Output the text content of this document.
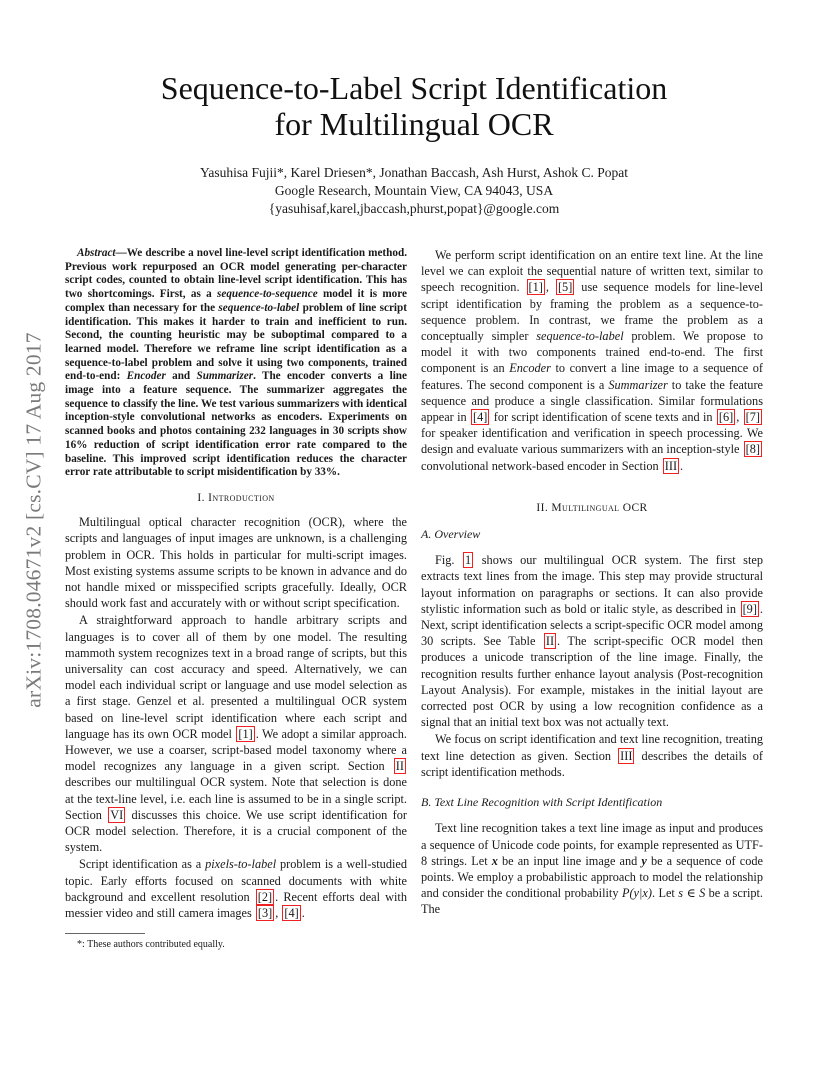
arXiv:1708.04671v2 [cs.CV] 17 Aug 2017
Sequence-to-Label Script Identification
for Multilingual OCR
Yasuhisa Fujii*, Karel Driesen*, Jonathan Baccash, Ash Hurst, Ashok C. Popat
Google Research, Mountain View, CA 94043, USA
{yasuhisaf,karel,jbaccash,phurst,popat}@google.com

Abstract—We describe a novel line-level script identification method. Previous work repurposed an OCR model generating per-character script codes, counted to obtain line-level script identification. This has two shortcomings. First, as a sequence-to-sequence model it is more complex than necessary for the sequence-to-label problem of line script identification. This makes it harder to train and inefficient to run. Second, the counting heuristic may be suboptimal compared to a learned model. Therefore we reframe line script identification as a sequence-to-label problem and solve it using two components, trained end-to-end: Encoder and Summarizer. The encoder converts a line image into a feature sequence. The summarizer aggregates the sequence to classify the line. We test various summarizers with identical inception-style convolutional networks as encoders. Experiments on scanned books and photos containing 232 languages in 30 scripts show 16% reduction of script identification error rate compared to the baseline. This improved script identification reduces the character error rate attributable to script misidentification by 33%.

I. Introduction

Multilingual optical character recognition (OCR), where the scripts and languages of input images are unknown, is a challenging problem in OCR. This holds in particular for multi-script images. Most existing systems assume scripts to be known in advance and do not handle mixed or misspecified scripts gracefully. Ideally, OCR should work fast and accurately with or without script specification.

A straightforward approach to handle arbitrary scripts and languages is to cover all of them by one model. The resulting mammoth system recognizes text in a broad range of scripts, but this universality can cost accuracy and speed. Alternatively, we can model each individual script or language and use model selection as a first stage. Genzel et al. presented a multilingual OCR system based on line-level script identification where each script and language has its own OCR model [1] . We adopt a similar approach. However, we use a coarser, script-based model taxonomy where a model recognizes any language in a given script. Section II describes our multilingual OCR system. Note that selection is done at the text-line level, i.e. each line is assumed to be in a single script. Section VI discusses this choice. We use script identification for OCR model selection. Therefore, it is a crucial component of the system.

Script identification as a pixels-to-label problem is a well-studied topic. Early efforts focused on scanned documents with white background and excellent resolution [2] . Recent efforts deal with messier video and still camera images [3] , [4] .

*: These authors contributed equally.

We perform script identification on an entire text line. At the line level we can exploit the sequential nature of written text, similar to speech recognition. [1] , [5] use sequence models for line-level script identification by framing the problem as a sequence-to-sequence problem. In contrast, we frame the problem as a conceptually simpler sequence-to-label problem. We propose to model it with two components trained end-to-end. The first component is an Encoder to convert a line image to a sequence of features. The second component is a Summarizer to take the feature sequence and produce a single classification. Similar formulations appear in [4] for script identification of scene texts and in [6] , [7] for speaker identification and verification in speech processing. We design and evaluate various summarizers with an inception-style [8] convolutional network-based encoder in Section III .

II. Multilingual OCR
A. Overview

Fig. 1 shows our multilingual OCR system. The first step extracts text lines from the image. This step may provide structural layout information on paragraphs or sections. It can also provide stylistic information such as bold or italic style, as described in [9] . Next, script identification selects a script-specific OCR model among 30 scripts. See Table II . The script-specific OCR model then produces a unicode transcription of the line image. Finally, the recognition results further enhance layout analysis (Post-recognition Layout Analysis). For example, mistakes in the initial layout are corrected post OCR by using a low recognition confidence as a signal that an initial text box was not actually text.

We focus on script identification and text line recognition, treating text line detection as given. Section III describes the details of script identification methods.

B. Text Line Recognition with Script Identification

Text line recognition takes a text line image as input and produces a sequence of Unicode code points, for example represented as UTF-8 strings. Let x be an input line image and y be a sequence of code points. We employ a probabilistic approach to model the relationship and consider the conditional probability P(y|x). Let s ∈ S be a script. The
